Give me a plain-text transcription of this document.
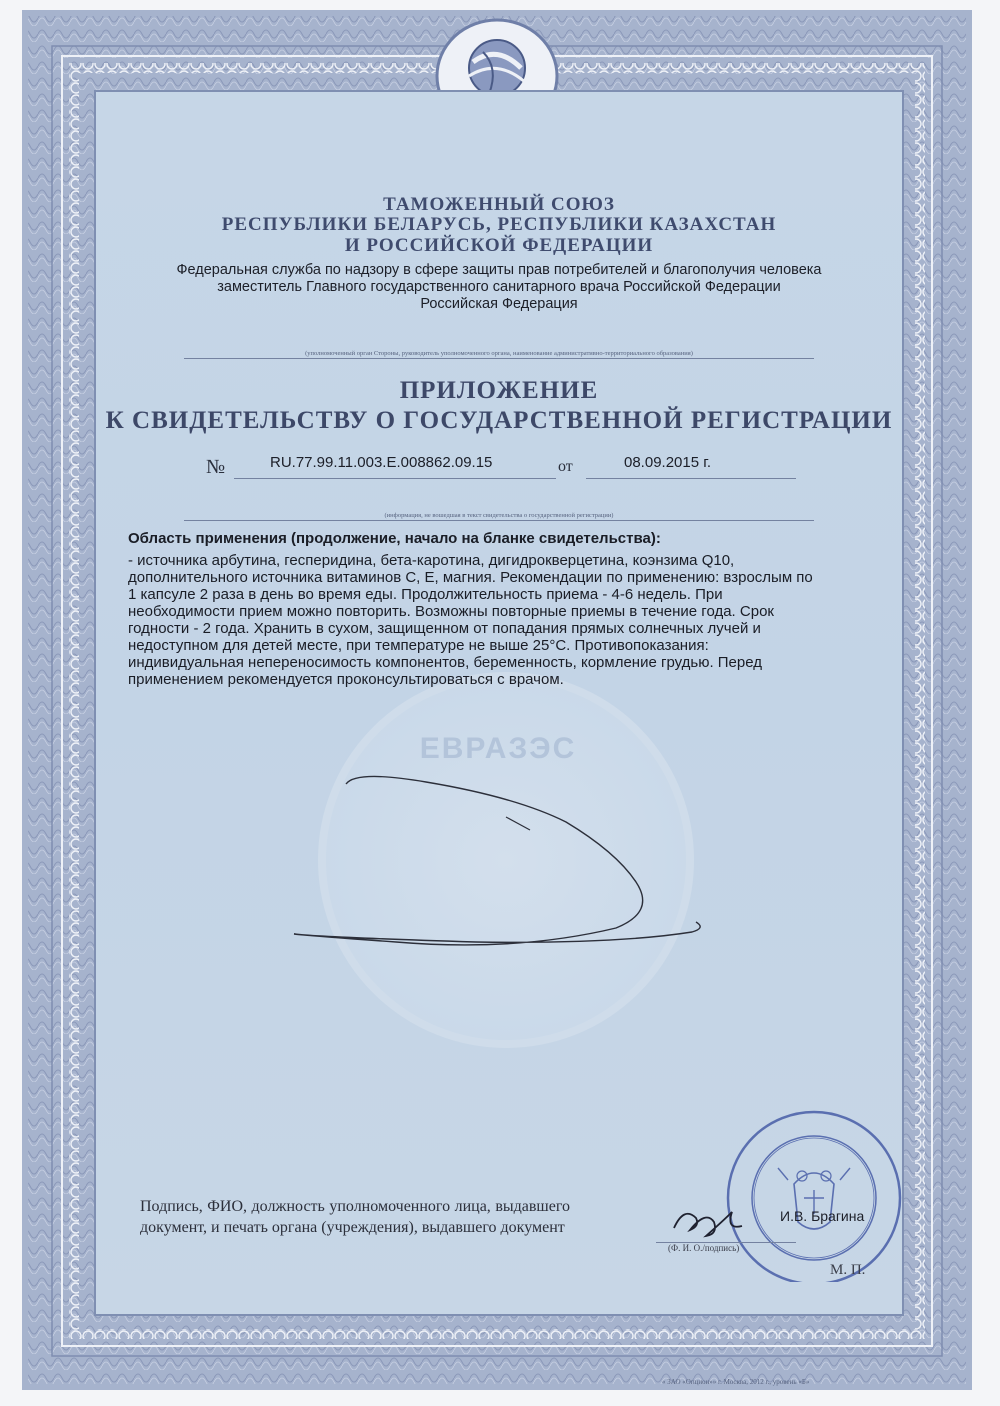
ЕВРАЗЭС
ТАМОЖЕННЫЙ СОЮЗ
РЕСПУБЛИКИ БЕЛАРУСЬ, РЕСПУБЛИКИ КАЗАХСТАН
И РОССИЙСКОЙ ФЕДЕРАЦИИ
Федеральная служба по надзору в сфере защиты прав потребителей и благополучия человека
заместитель Главного государственного санитарного врача Российской Федерации
Российская Федерация
(уполномоченный орган Стороны, руководитель уполномоченного органа, наименование административно-территориального образования)
ПРИЛОЖЕНИЕ
К СВИДЕТЕЛЬСТВУ О ГОСУДАРСТВЕННОЙ РЕГИСТРАЦИИ
№	RU.77.99.11.003.E.008862.09.15	от	08.09.2015 г.
(информация, не вошедшая в текст свидетельства о государственной регистрации)
Область применения (продолжение, начало на бланке свидетельства):
- источника арбутина, гесперидина, бета-каротина, дигидрокверцетина, коэнзима Q10,
дополнительного источника витаминов С, Е, магния. Рекомендации по применению: взрослым по
1 капсуле 2 раза в день во время еды. Продолжительность приема - 4-6 недель. При
необходимости прием можно повторить. Возможны повторные приемы в течение года. Срок
годности - 2 года. Хранить в сухом, защищенном от попадания прямых солнечных лучей и
недоступном для детей месте, при температуре не выше 25°С. Противопоказания:
индивидуальная непереносимость компонентов, беременность, кормление грудью. Перед
применением рекомендуется проконсультироваться с врачом.
Подпись, ФИО, должность уполномоченного лица, выдавшего документ, и печать органа (учреждения), выдавшего документ
И.В. Брагина
(Ф. И. О./подпись)
М. П.
« ЗАО «Опцион»» г. Москва, 2012 г., уровень «Б»
